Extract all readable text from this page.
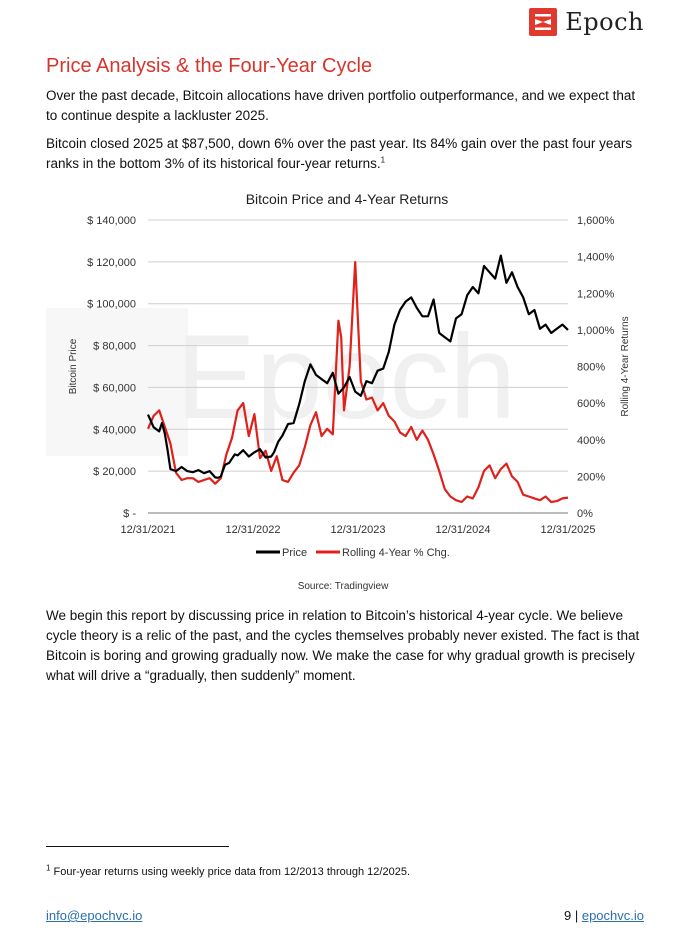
Epoch
Price Analysis & the Four-Year Cycle
Over the past decade, Bitcoin allocations have driven portfolio outperformance, and we expect that to continue despite a lackluster 2025.
Bitcoin closed 2025 at $87,500, down 6% over the past year. Its 84% gain over the past four years ranks in the bottom 3% of its historical four-year returns.$^1$
Epoch
Bitcoin Price and 4-Year Returns
$ -
$ 20,000
$ 40,000
$ 60,000
$ 80,000
$ 100,000
$ 120,000
$ 140,000
0%
200%
400%
600%
800%
1,000%
1,200%
1,400%
1,600%
12/31/2021	12/31/2022	12/31/2023	12/31/2024	12/31/2025
Bitcoin Price	Rolling 4-Year Returns
Price	Rolling 4-Year % Chg.
Source: Tradingview
We begin this report by discussing price in relation to Bitcoin’s historical 4-year cycle. We believe cycle theory is a relic of the past, and the cycles themselves probably never existed. The fact is that Bitcoin is boring and growing gradually now. We make the case for why gradual growth is precisely what will drive a “gradually, then suddenly” moment.
$^1$ Four-year returns using weekly price data from 12/2013 through 12/2025.
info@epochvc.io	9 | epochvc.io
